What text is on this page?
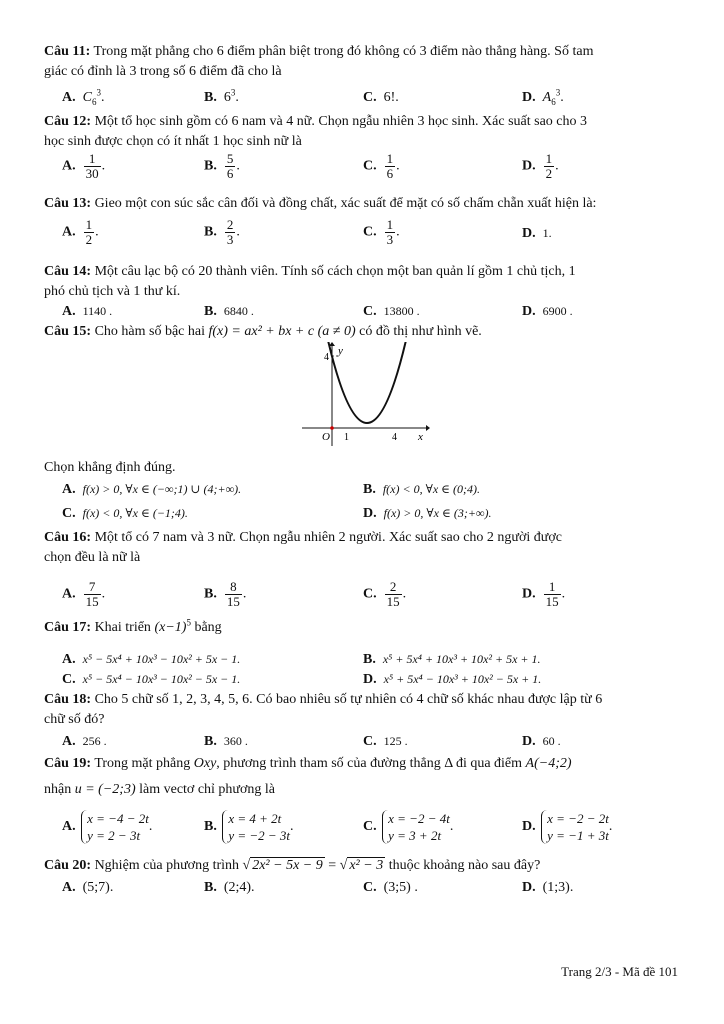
Câu 11: Trong mặt phẳng cho 6 điểm phân biệt trong đó không có 3 điểm nào thẳng hàng. Số tam
giác có đỉnh là 3 trong số 6 điểm đã cho là
A. $C_6^3$.	B. $6^3$.	C. 6!.	D. $A_6^3$.
Câu 12: Một tổ học sinh gồm có 6 nam và 4 nữ. Chọn ngẫu nhiên 3 học sinh. Xác suất sao cho 3
học sinh được chọn có ít nhất 1 học sinh nữ là
A. $\frac{1}{30}$ .	B. $\frac{5}{6}$ .	C. $\frac{1}{6}$ .	D. $\frac{1}{2}$ .
Câu 13: Gieo một con súc sắc cân đối và đồng chất, xác suất để mặt có số chấm chẵn xuất hiện là:
A. $\frac{1}{2}$ .	B. $\frac{2}{3}$ .	C. $\frac{1}{3}$ .	D. 1.
Câu 14: Một câu lạc bộ có 20 thành viên. Tính số cách chọn một ban quản lí gồm 1 chủ tịch, 1
phó chủ tịch và 1 thư kí.
A. 1140 .	B. 6840 .	C. 13800 .	D. 6900 .
Câu 15: Cho hàm số bậc hai f(x) = ax² + bx + c (a ≠ 0) có đồ thị như hình vẽ.
y
x
O 1	4
4
Chọn khẳng định đúng.
A. f(x) > 0, ∀x ∈ (−∞;1) ∪ (4;+∞).	B. f(x) < 0, ∀x ∈ (0;4).
C. f(x) < 0, ∀x ∈ (−1;4).	D. f(x) > 0, ∀x ∈ (3;+∞).
Câu 16: Một tổ có 7 nam và 3 nữ. Chọn ngẫu nhiên 2 người. Xác suất sao cho 2 người được
chọn đều là nữ là
A. $\frac{7}{15}$ .	B. $\frac{8}{15}$ .	C. $\frac{2}{15}$ .	D. $\frac{1}{15}$ .
Câu 17: Khai triển $(x-1)^5$ bằng
A. x⁵ − 5x⁴ + 10x³ − 10x² + 5x − 1.	B. x⁵ + 5x⁴ + 10x³ + 10x² + 5x + 1.
C. x⁵ − 5x⁴ − 10x³ − 10x² − 5x − 1.	D. x⁵ + 5x⁴ − 10x³ + 10x² − 5x + 1.
Câu 18: Cho 5 chữ số 1, 2, 3, 4, 5, 6. Có bao nhiêu số tự nhiên có 4 chữ số khác nhau được lập từ 6
chữ số đó?
A. 256 .	B. 360 .	C. 125 .	D. 60 .
Câu 19: Trong mặt phẳng Oxy, phương trình tham số của đường thẳng Δ đi qua điểm A(−4;2)
nhận u = (−2;3) làm vectơ chỉ phương là
A.
x = −4 − 2t
y = 2 − 3t
.	B.
x = 4 + 2t
y = −2 − 3t
.	C.
x = −2 − 4t
y = 3 + 2t
.	D.
x = −2 − 2t
y = −1 + 3t
.
Câu 20: Nghiệm của phương trình √ 2x² − 5x − 9 = √ x² − 3 thuộc khoảng nào sau đây?
A. (5;7).	B. (2;4).	C. (3;5) .	D. (1;3).
Trang 2/3 - Mã đề 101
